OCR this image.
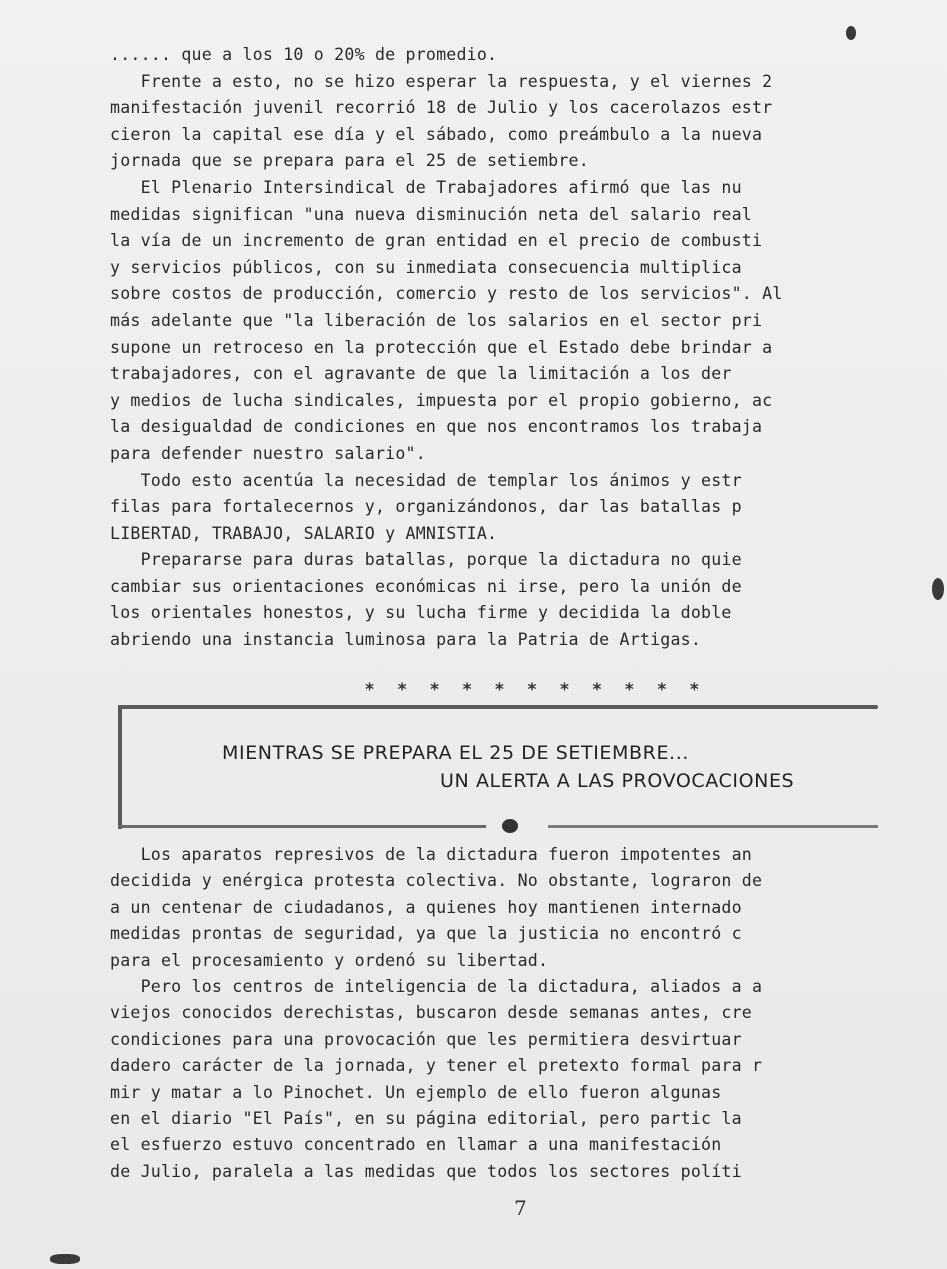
...... que a los 10 o 20% de promedio.
Frente a esto, no se hizo esperar la respuesta, y el viernes 2
manifestación juvenil recorrió 18 de Julio y los cacerolazos estr
cieron la capital ese día y el sábado, como preámbulo a la nueva
jornada que se prepara para el 25 de setiembre.
El Plenario Intersindical de Trabajadores afirmó que las nu
medidas significan "una nueva disminución neta del salario real
la vía de un incremento de gran entidad en el precio de combusti
y servicios públicos, con su inmediata consecuencia multiplica
sobre costos de producción, comercio y resto de los servicios". Al
más adelante que "la liberación de los salarios en el sector pri
supone un retroceso en la protección que el Estado debe brindar a
trabajadores, con el agravante de que la limitación a los der
y medios de lucha sindicales, impuesta por el propio gobierno, ac
la desigualdad de condiciones en que nos encontramos los trabaja
para defender nuestro salario".
Todo esto acentúa la necesidad de templar los ánimos y estr
filas para fortalecernos y, organizándonos, dar las batallas p
LIBERTAD, TRABAJO, SALARIO y AMNISTIA.
Prepararse para duras batallas, porque la dictadura no quie
cambiar sus orientaciones económicas ni irse, pero la unión de
los orientales honestos, y su lucha firme y decidida la doble
abriendo una instancia luminosa para la Patria de Artigas.
* * * * * * * * * * *
MIENTRAS SE PREPARA EL 25 DE SETIEMBRE...
UN ALERTA A LAS PROVOCACIONES
Los aparatos represivos de la dictadura fueron impotentes an
decidida y enérgica protesta colectiva. No obstante, lograron de
a un centenar de ciudadanos, a quienes hoy mantienen internado
medidas prontas de seguridad, ya que la justicia no encontró c
para el procesamiento y ordenó su libertad.
Pero los centros de inteligencia de la dictadura, aliados a a
viejos conocidos derechistas, buscaron desde semanas antes, cre
condiciones para una provocación que les permitiera desvirtuar
dadero carácter de la jornada, y tener el pretexto formal para r
mir y matar a lo Pinochet. Un ejemplo de ello fueron algunas
en el diario "El País", en su página editorial, pero partic la
el esfuerzo estuvo concentrado en llamar a una manifestación
de Julio, paralela a las medidas que todos los sectores políti
7
